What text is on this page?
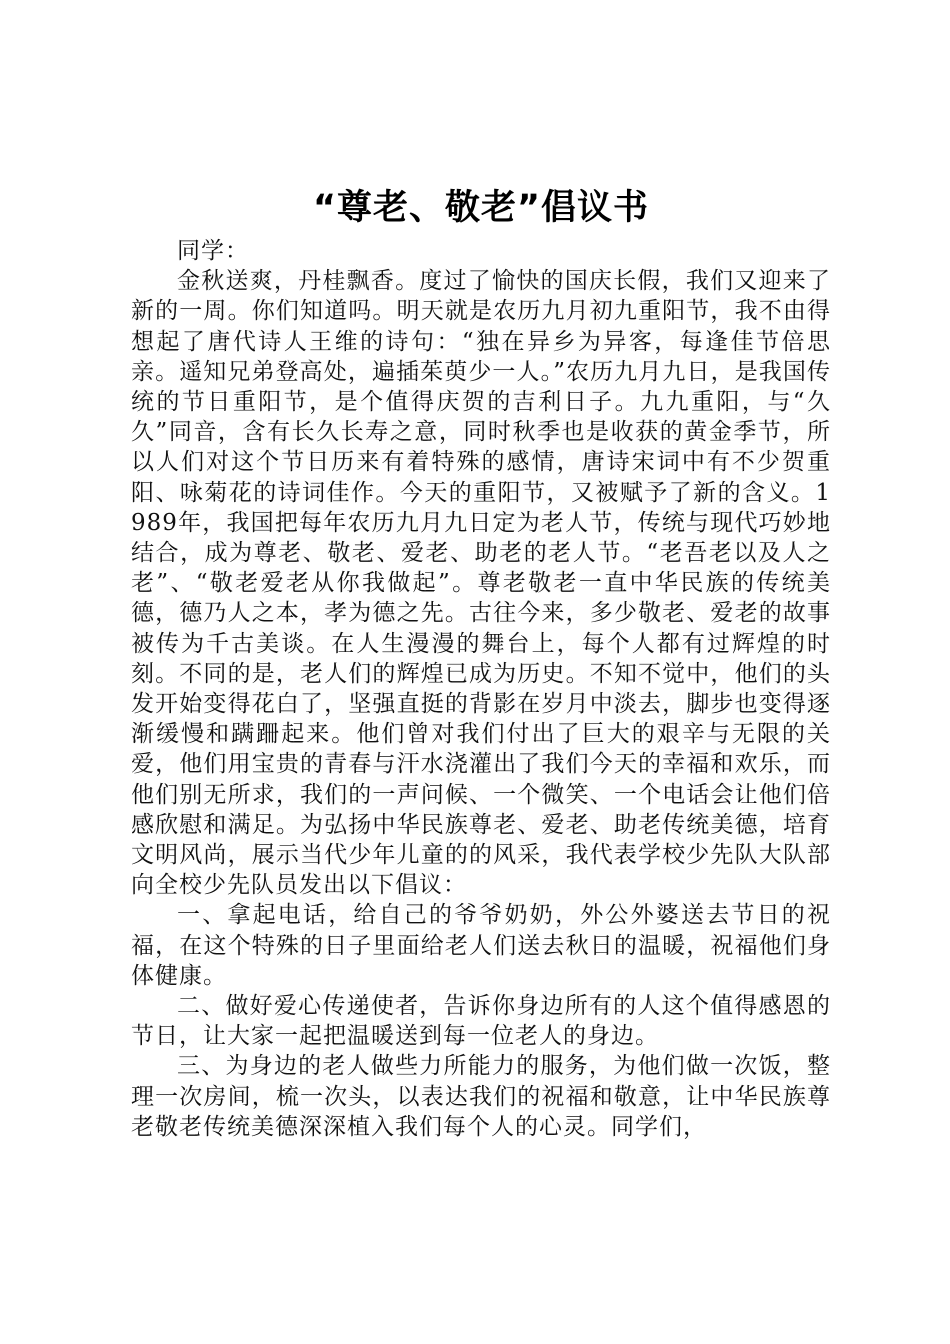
“尊老、敬老”倡议书

同学：

金秋送爽，丹桂飘香。度过了愉快的国庆长假，我们又迎来了新的一周。你们知道吗。明天就是农历九月初九重阳节，我不由得想起了唐代诗人王维的诗句：“独在异乡为异客，每逢佳节倍思亲。遥知兄弟登高处，遍插茱萸少一人。”农历九月九日，是我国传统的节日重阳节，是个值得庆贺的吉利日子。九九重阳，与“久久”同音，含有长久长寿之意，同时秋季也是收获的黄金季节，所以人们对这个节日历来有着特殊的感情，唐诗宋词中有不少贺重阳、咏菊花的诗词佳作。今天的重阳节，又被赋予了新的含义。1989年，我国把每年农历九月九日定为老人节，传统与现代巧妙地结合，成为尊老、敬老、爱老、助老的老人节。“老吾老以及人之老”、“敬老爱老从你我做起”。尊老敬老一直中华民族的传统美德，德乃人之本，孝为德之先。古往今来，多少敬老、爱老的故事被传为千古美谈。在人生漫漫的舞台上，每个人都有过辉煌的时刻。不同的是，老人们的辉煌已成为历史。不知不觉中，他们的头发开始变得花白了，坚强直挺的背影在岁月中淡去，脚步也变得逐渐缓慢和蹒跚起来。他们曾对我们付出了巨大的艰辛与无限的关爱，他们用宝贵的青春与汗水浇灌出了我们今天的幸福和欢乐，而他们别无所求，我们的一声问候、一个微笑、一个电话会让他们倍感欣慰和满足。为弘扬中华民族尊老、爱老、助老传统美德，培育文明风尚，展示当代少年儿童的的风采，我代表学校少先队大队部向全校少先队员发出以下倡议：

一、拿起电话，给自己的爷爷奶奶，外公外婆送去节日的祝福，在这个特殊的日子里面给老人们送去秋日的温暖，祝福他们身体健康。

二、做好爱心传递使者，告诉你身边所有的人这个值得感恩的节日，让大家一起把温暖送到每一位老人的身边。

三、为身边的老人做些力所能力的服务，为他们做一次饭，整理一次房间，梳一次头，以表达我们的祝福和敬意，让中华民族尊老敬老传统美德深深植入我们每个人的心灵。同学们，
